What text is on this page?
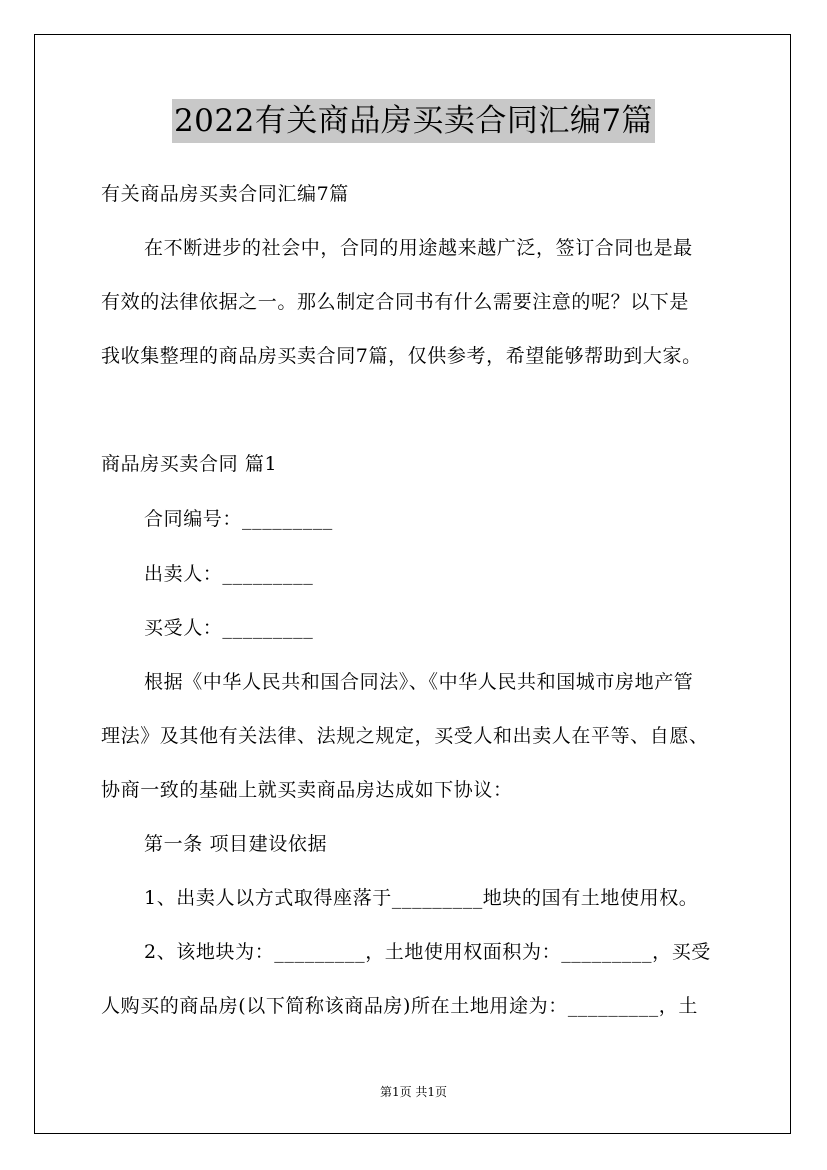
2022有关商品房买卖合同汇编7篇
有关商品房买卖合同汇编7篇
在不断进步的社会中，合同的用途越来越广泛，签订合同也是最
有效的法律依据之一。那么制定合同书有什么需要注意的呢？以下是
我收集整理的商品房买卖合同7篇，仅供参考，希望能够帮助到大家。
商品房买卖合同 篇1
合同编号：_________
出卖人：_________
买受人：_________
根据《中华人民共和国合同法》、《中华人民共和国城市房地产管
理法》及其他有关法律、法规之规定，买受人和出卖人在平等、自愿、
协商一致的基础上就买卖商品房达成如下协议：
第一条 项目建设依据
1、出卖人以方式取得座落于_________地块的国有土地使用权。
2、该地块为：_________，土地使用权面积为：_________，买受
人购买的商品房(以下简称该商品房)所在土地用途为：_________，土
第1页 共1页
